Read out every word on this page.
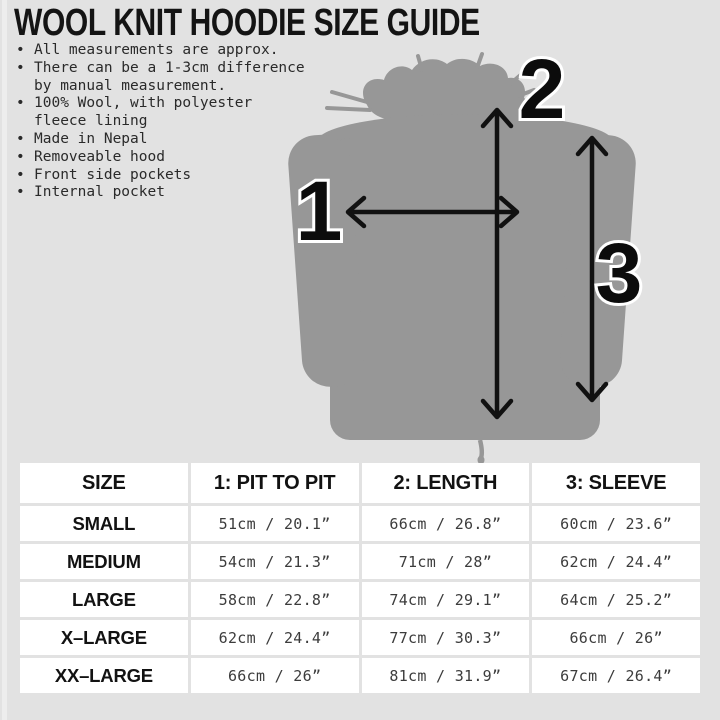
WOOL KNIT HOODIE SIZE GUIDE
• All measurements are approx.
• There can be a 1-3cm difference by manual measurement.
• 100% Wool, with polyester fleece lining
• Made in Nepal
• Removeable hood
• Front side pockets
• Internal pocket	1
2
3
SIZE	1: PIT TO PIT	2: LENGTH	3: SLEEVE
SMALL	51cm / 20.1”	66cm / 26.8”	60cm / 23.6”
MEDIUM	54cm / 21.3”	71cm / 28”	62cm / 24.4”
LARGE	58cm / 22.8”	74cm / 29.1”	64cm / 25.2”
X–LARGE	62cm / 24.4”	77cm / 30.3”	66cm / 26”
XX–LARGE	66cm / 26”	81cm / 31.9”	67cm / 26.4”
